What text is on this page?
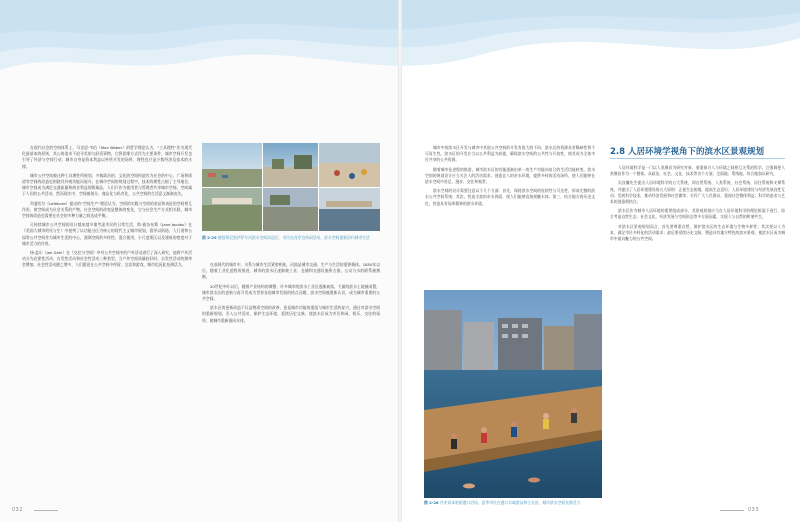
在现代社会的空间体系上，马克思·韦伯（Max Weber）的哲学理论认为，“工具理性”作为现代化最基本的原则，其心的追求不追寻美的与舒适事物，它将思维方式作为主要条件，城市空间开发也引导了经济与空间行动；城市自身是资本利益以外所开发的场所，理性也只是少数经济及技术的支撑。

城市公共空间被这种工具理性所规划，多数政治的、文化的空间构造作为社会的中心，广场和街道等空间的改造也围绕其外观功能而展开。在城市空间的规划过程中，技术的理性占据了主导地位，城市空间成为满足交通流量和商业利益的附属品，人们只作为使用者与管理者共享城市空间。空间属于人们的公共活动，然而现实中，空间被划分、商品化与私有化，公共空间的生活意义渐渐丧失。

列斐伏尔（Lefebvre）提出的“空间生产”理论认为，空间的实践与空间的表征和表征的空间相互作用，使空间成为社会关系的产物。社会空间的改变是整体的变化，它与社会生产方式相关联，城市空间的改造也需要在社会的多种力量之间达成平衡。

可持续城市公共空间的设计越来越多地考虑市民的日常生活，简·雅各布斯（Jane Jacobs）在《美国大城市的死与生》中批判了以功能分区为核心的现代主义城市规划，倡导以街道、人行道和公园等公共空间作为城市生活的中心，强调空间的多样性、混合使用、小尺度街区以及建筑的密度对于城市活力的作用。

扬·盖尔（Jan Gehl）在《交往与空间》中对公共空间中的户外活动进行了深入研究，他将户外活动分为必要性活动、自发性活动和社会性活动三种类型。当户外空间质量较好时，自发性活动的频率会增加，社会性活动随之增多，人们愿意在公共空间中停留、交谈和游戏，城市也因此充满活力。

图 2-25 德国慕尼黑伊萨尔河滨水空间改造后，市民在河岸边休闲活动，滨水空间重新回归城市生活

在前现代的城市中，水系与城市生活紧密相连，河流是城市交通、生产与生活的重要载体。1850年以后，随着工业化进程的推进，城市的滨水区逐渐被工业、仓储和交通设施所占据，公众与水的联系被割断。

20世纪中叶以后，随着产业结构的调整，许多城市的滨水工业区逐渐衰落，大量的滨水土地被闲置，城市滨水区的更新与再开发成为世界各国城市发展的热点问题，滨水空间被重新认识，成为城市重要的公共空间。

滨水区的更新改造不仅是物质空间的改善，更是城市功能的重组与城市生活的复兴。通过对滨水空间的重新规划，引入公共活动，保护生态环境，延续历史文脉，使滨水区成为市民休闲、娱乐、交往的场所，使城市重新面向水体。

城市中的滨水区开发与城市中其他公共空间的开发有很大的不同，滨水区的资源具有稀缺性和不可再生性。滨水区的开发应当以公共利益为前提，确保滨水空间的公共性与开放性，使其成为全体市民共享的公共资源。

随着城市化进程的推进，城市滨水区的功能逐渐由单一的生产功能向复合的生活功能转变。滨水空间的规划设计应当关注人的活动需求，创造宜人的亲水环境，提供多样的活动场所，使人们能够在滨水空间中驻足、漫步、交往和观赏。

滨水空间的设计需要注意以下几个方面：首先，保持滨水空间的连续性与可达性，形成完整的滨水公共空间系统；其次，营造丰富的亲水界面，使人们能够直接接触水体；第三，结合地方的历史文化，营造具有场所精神的滨水环境。

图 2-26 丹麦哥本哈根港口浴场，夏季市民在港口水域游泳和日光浴，城市滨水空间充满活力
2.8 人居环境学视角下的滨水区景观规划

人居环境科学是一门以人类聚居为研究对象，着重探讨人与环境之间相互关系的科学。它强调把人类聚居作为一个整体，从政治、社会、文化、技术等各个方面，全面地、系统地、综合地加以研究。

吴良镛先生提出人居环境科学的五大系统，即自然系统、人类系统、社会系统、居住系统和支撑系统，并提出了人居环境建设的五大原则：正视生态困境，提高生态意识；人居环境建设与经济发展良性互动；发展科学技术，推动经济发展和社会繁荣；关怀广大人民群众，重视社会整体利益；科学的追求与艺术的创造相结合。

滨水区作为城市人居环境的重要组成部分，其景观规划应当在人居环境科学的理论框架下进行，综合考虑自然生态、社会文化、经济发展与空间形态等多方面因素，实现人与自然的和谐共生。

对滨水区景观规划而言，首先要尊重自然，保护滨水区的生态环境与生物多样性；其次要以人为本，满足市民多样化的活动需求；最后要延续历史文脉，塑造具有地方特色的滨水景观，使滨水区成为城市中最具魅力的公共空间。

032	033
